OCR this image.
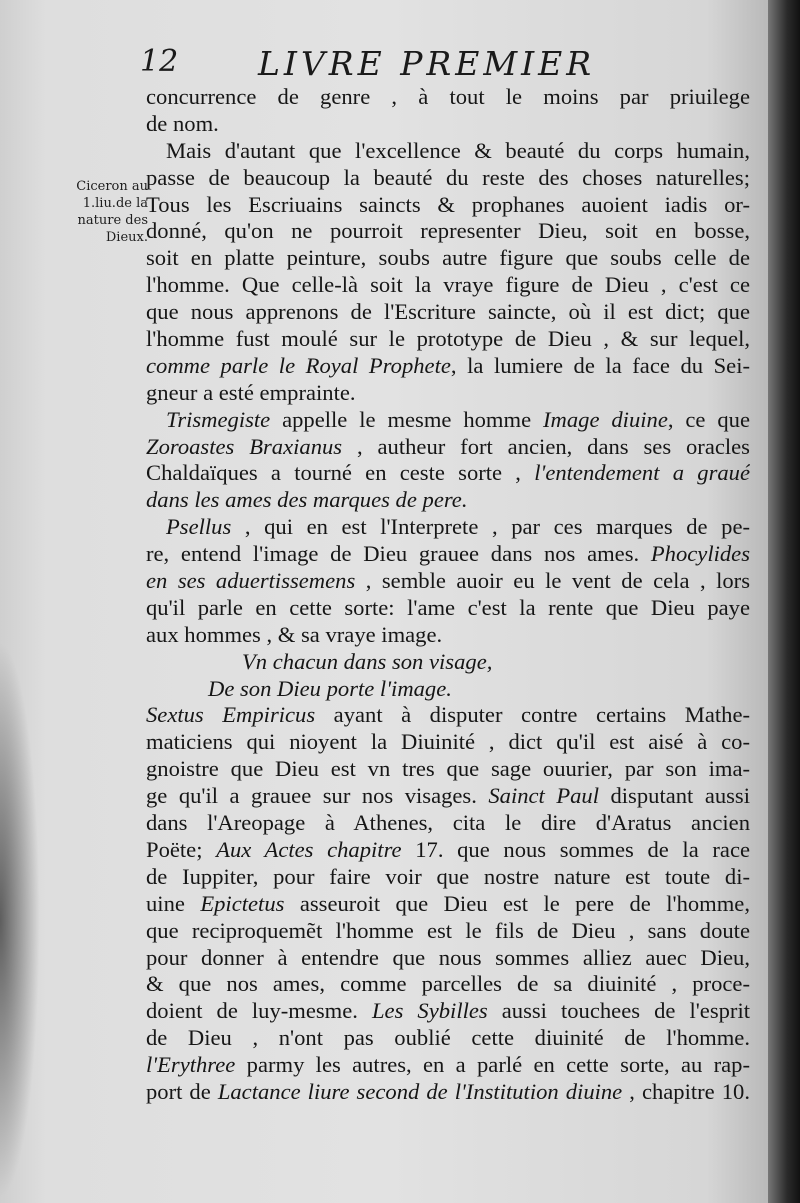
12 LIVRE PREMIER
Ciceron au
1.liu.de la
nature des
Dieux.
concurrence de genre , à tout le moins par priuilege
de nom.
Mais d'autant que l'excellence & beauté du corps humain,
passe de beaucoup la beauté du reste des choses naturelles;
Tous les Escriuains saincts & prophanes auoient iadis or-
donné, qu'on ne pourroit representer Dieu, soit en bosse,
soit en platte peinture, soubs autre figure que soubs celle de
l'homme. Que celle-là soit la vraye figure de Dieu , c'est ce
que nous apprenons de l'Escriture saincte, où il est dict; que
l'homme fust moulé sur le prototype de Dieu , & sur lequel,
comme parle le Royal Prophete, la lumiere de la face du Sei-
gneur a esté emprainte.
Trismegiste appelle le mesme homme Image diuine, ce que
Zoroastes Braxianus , autheur fort ancien, dans ses oracles
Chaldaïques a tourné en ceste sorte , l'entendement a graué
dans les ames des marques de pere.
Psellus , qui en est l'Interprete , par ces marques de pe-
re, entend l'image de Dieu grauee dans nos ames. Phocylides
en ses aduertissemens , semble auoir eu le vent de cela , lors
qu'il parle en cette sorte: l'ame c'est la rente que Dieu paye
aux hommes , & sa vraye image.
Vn chacun dans son visage,
De son Dieu porte l'image.
Sextus Empiricus ayant à disputer contre certains Mathe-
maticiens qui nioyent la Diuinité , dict qu'il est aisé à co-
gnoistre que Dieu est vn tres que sage ouurier, par son ima-
ge qu'il a grauee sur nos visages. Sainct Paul disputant aussi
dans l'Areopage à Athenes, cita le dire d'Aratus ancien
Poëte; Aux Actes chapitre 17. que nous sommes de la race
de Iuppiter, pour faire voir que nostre nature est toute di-
uine Epictetus asseuroit que Dieu est le pere de l'homme,
que reciproquemẽt l'homme est le fils de Dieu , sans doute
pour donner à entendre que nous sommes alliez auec Dieu,
& que nos ames, comme parcelles de sa diuinité , proce-
doient de luy-mesme. Les Sybilles aussi touchees de l'esprit
de Dieu , n'ont pas oublié cette diuinité de l'homme.
l'Erythree parmy les autres, en a parlé en cette sorte, au rap-
port de Lactance liure second de l'Institution diuine , chapitre 10.
